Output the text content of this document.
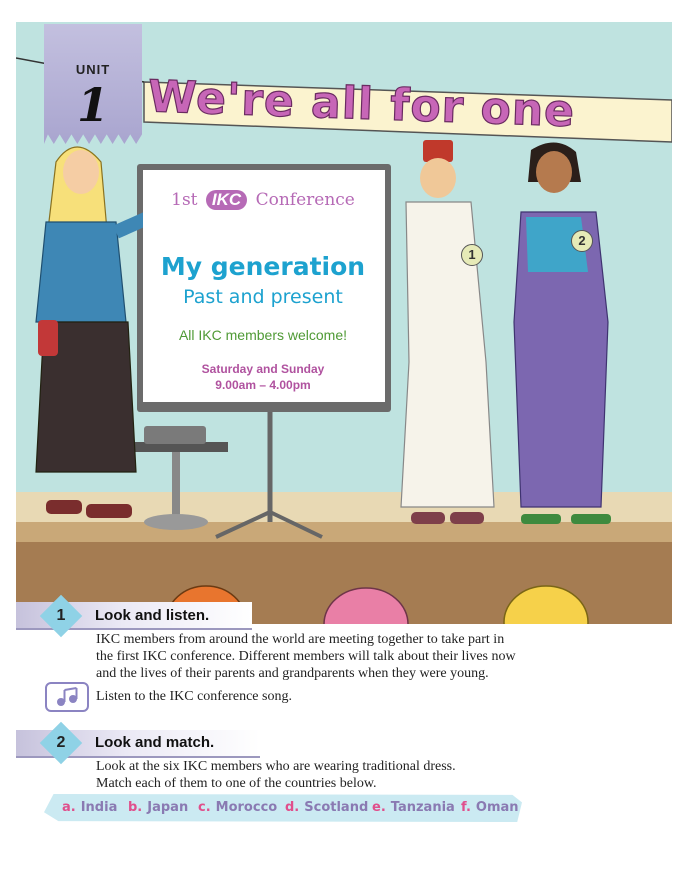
UNIT
1 We're all for one
1st IKC Conference
My generation
Past and present
All IKC members welcome!
Saturday and Sunday
9.00am – 4.00pm
1
2
1	Look and listen.
IKC members from around the world are meeting together to take part in
the first IKC conference. Different members will talk about their lives now
and the lives of their parents and grandparents when they were young.
Listen to the IKC conference song.
2	Look and match.
Look at the six IKC members who are wearing traditional dress.
Match each of them to one of the countries below.
a. India b. Japan c. Morocco d. Scotland e. Tanzania f. Oman
